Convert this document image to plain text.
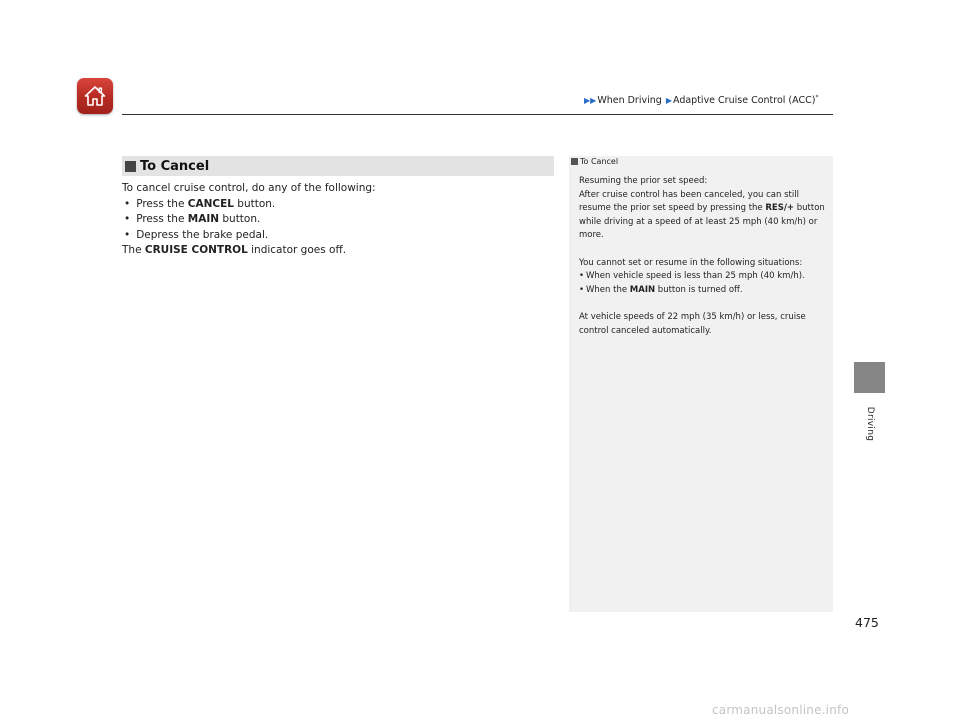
▶▶When Driving ▶Adaptive Cruise Control (ACC)*
Driving
To Cancel
To cancel cruise control, do any of the following:
• Press the CANCEL button.
• Press the MAIN button.
• Depress the brake pedal.
The CRUISE CONTROL indicator goes off.
To Cancel

Resuming the prior set speed:

After cruise control has been canceled, you can still resume the prior set speed by pressing the RES/+ button while driving at a speed of at least 25 mph (40 km/h) or more.

You cannot set or resume in the following situations:

• When vehicle speed is less than 25 mph (40 km/h).

• When the MAIN button is turned off.

At vehicle speeds of 22 mph (35 km/h) or less, cruise control canceled automatically.

475
carmanualsonline.info
